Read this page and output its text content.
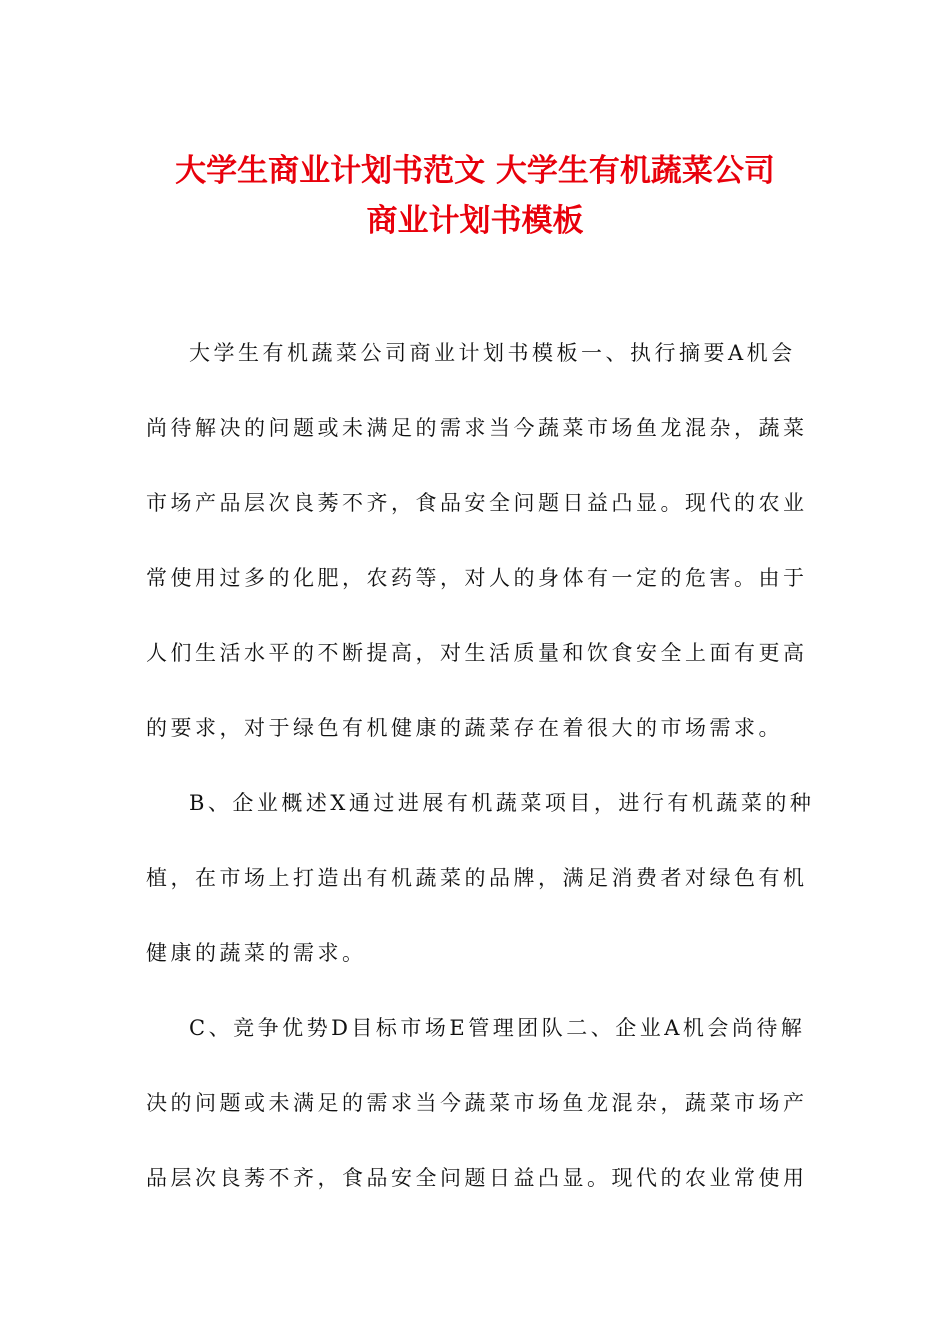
大学生商业计划书范文 大学生有机蔬菜公司
商业计划书模板
大学生有机蔬菜公司商业计划书模板一、执行摘要A机会
尚待解决的问题或未满足的需求当今蔬菜市场鱼龙混杂，蔬菜
市场产品层次良莠不齐，食品安全问题日益凸显。现代的农业
常使用过多的化肥，农药等，对人的身体有一定的危害。由于
人们生活水平的不断提高，对生活质量和饮食安全上面有更高
的要求，对于绿色有机健康的蔬菜存在着很大的市场需求。
B、企业概述X通过进展有机蔬菜项目，进行有机蔬菜的种
植，在市场上打造出有机蔬菜的品牌，满足消费者对绿色有机
健康的蔬菜的需求。
C、竞争优势D目标市场E管理团队二、企业A机会尚待解
决的问题或未满足的需求当今蔬菜市场鱼龙混杂，蔬菜市场产
品层次良莠不齐，食品安全问题日益凸显。现代的农业常使用
